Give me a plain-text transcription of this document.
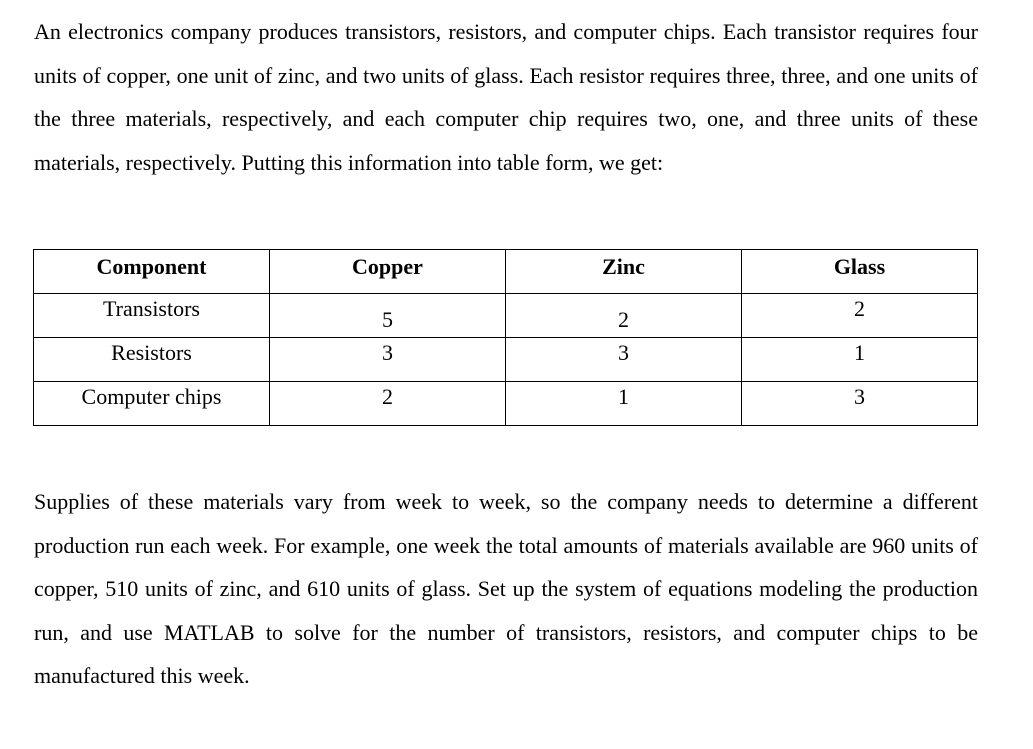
An electronics company produces transistors, resistors, and computer chips. Each transistor requires four units of copper, one unit of zinc, and two units of glass. Each resistor requires three, three, and one units of the three materials, respectively, and each computer chip requires two, one, and three units of these materials, respectively. Putting this information into table form, we get:

Component	Copper	Zinc	Glass
Transistors	5	2	2
Resistors	3	3	1
Computer chips	2	1	3

Supplies of these materials vary from week to week, so the company needs to determine a different production run each week. For example, one week the total amounts of materials available are 960 units of copper, 510 units of zinc, and 610 units of glass. Set up the system of equations modeling the production run, and use MATLAB to solve for the number of transistors, resistors, and computer chips to be manufactured this week.
